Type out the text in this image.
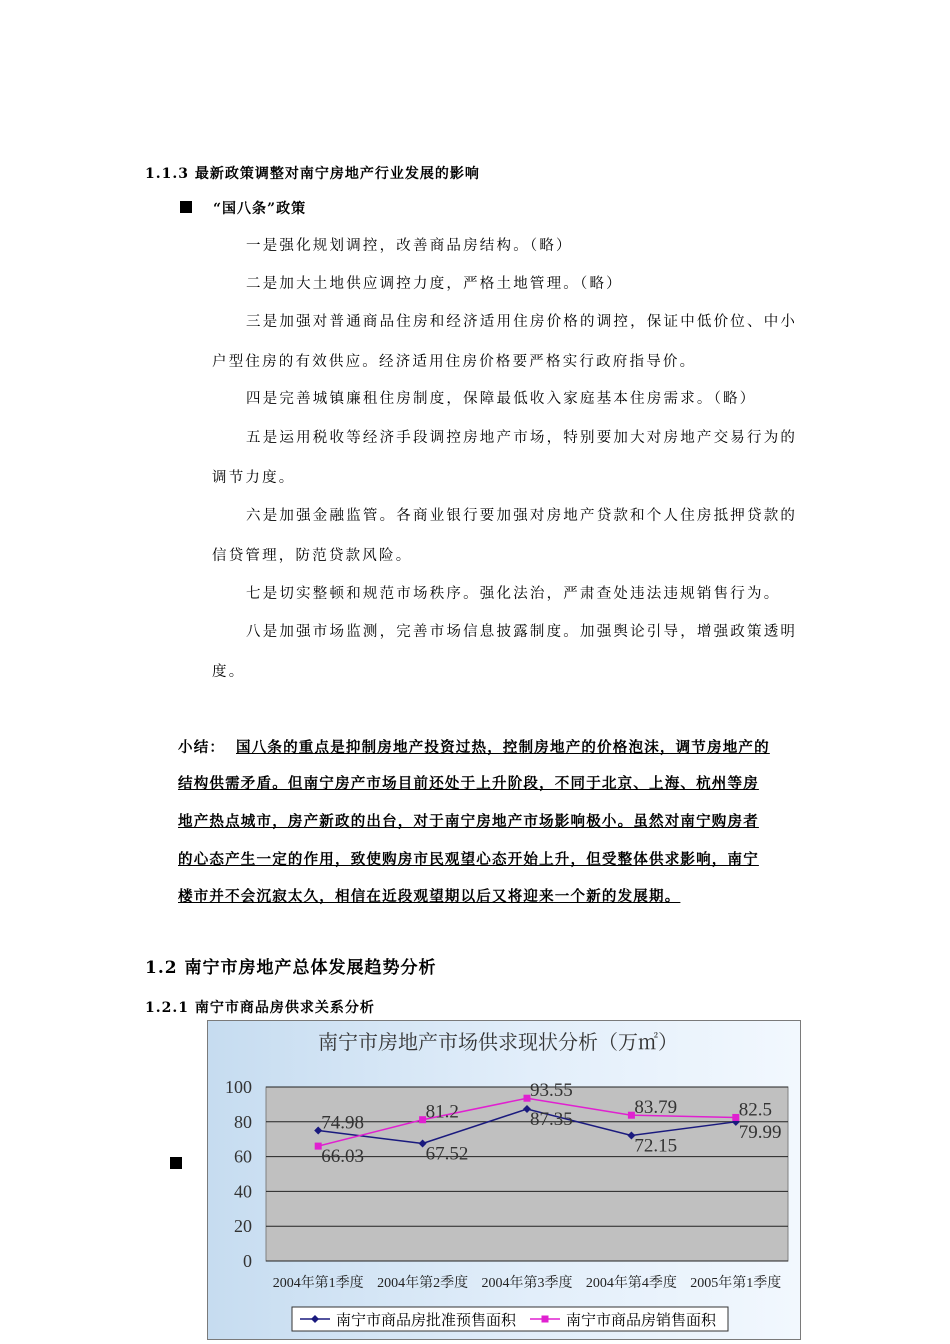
1.1.3 最新政策调整对南宁房地产行业发展的影响
“国八条”政策
一是强化规划调控，改善商品房结构。（略）
二是加大土地供应调控力度，严格土地管理。（略）
三是加强对普通商品住房和经济适用住房价格的调控，保证中低价位、中小
户型住房的有效供应。经济适用住房价格要严格实行政府指导价。
四是完善城镇廉租住房制度，保障最低收入家庭基本住房需求。（略）
五是运用税收等经济手段调控房地产市场，特别要加大对房地产交易行为的
调节力度。
六是加强金融监管。各商业银行要加强对房地产贷款和个人住房抵押贷款的
信贷管理，防范贷款风险。
七是切实整顿和规范市场秩序。强化法治，严肃查处违法违规销售行为。
八是加强市场监测，完善市场信息披露制度。加强舆论引导，增强政策透明
度。
小结： 国八条的重点是抑制房地产投资过热，控制房地产的价格泡沫，调节房地产的
结构供需矛盾。但南宁房产市场目前还处于上升阶段，不同于北京、上海、杭州等房
地产热点城市，房产新政的出台，对于南宁房地产市场影响极小。虽然对南宁购房者
的心态产生一定的作用，致使购房市民观望心态开始上升，但受整体供求影响，南宁
楼市并不会沉寂太久，相信在近段观望期以后又将迎来一个新的发展期。
1.2 南宁市房地产总体发展趋势分析
1.2.1 南宁市商品房供求关系分析
南宁市房地产市场供求现状分析（万㎡）
0
20
40
60
80
100
2004年第1季度 2004年第2季度 2004年第3季度 2004年第4季度 2005年第1季度
74.98
67.52
87.35
72.15
79.99
66.03
81.2
93.55
83.79	82.5
南宁市商品房批准预售面积	南宁市商品房销售面积
